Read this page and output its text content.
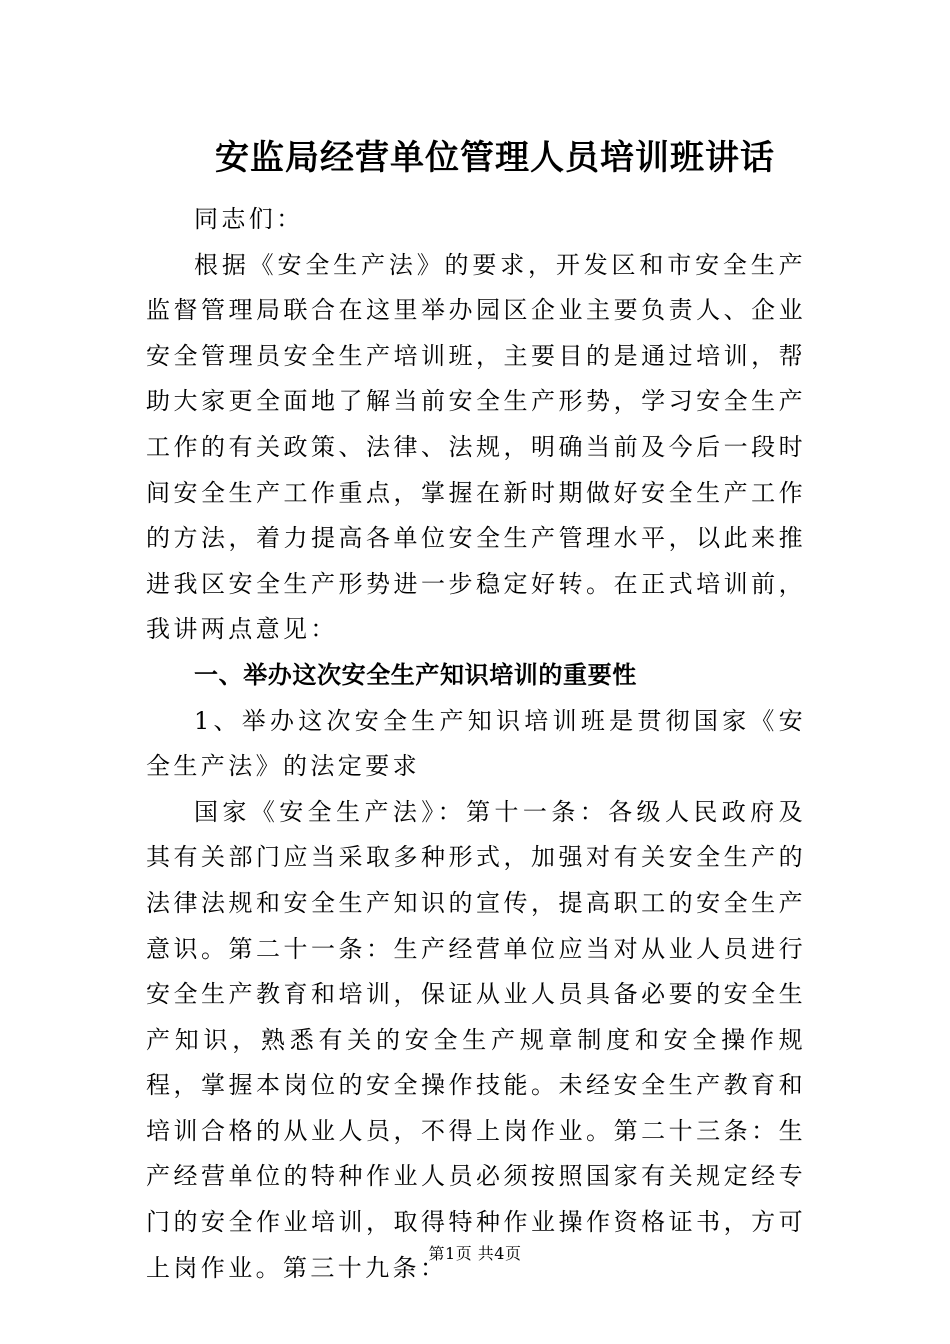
安监局经营单位管理人员培训班讲话

同志们：

根据《安全生产法》的要求，开发区和市安全生产监督管理局联合在这里举办园区企业主要负责人、企业安全管理员安全生产培训班，主要目的是通过培训，帮助大家更全面地了解当前安全生产形势，学习安全生产工作的有关政策、法律、法规，明确当前及今后一段时间安全生产工作重点，掌握在新时期做好安全生产工作的方法，着力提高各单位安全生产管理水平，以此来推进我区安全生产形势进一步稳定好转。在正式培训前，我讲两点意见：

一、举办这次安全生产知识培训的重要性

1、举办这次安全生产知识培训班是贯彻国家《安全生产法》的法定要求

国家《安全生产法》：第十一条：各级人民政府及其有关部门应当采取多种形式，加强对有关安全生产的法律法规和安全生产知识的宣传，提高职工的安全生产意识。第二十一条：生产经营单位应当对从业人员进行安全生产教育和培训，保证从业人员具备必要的安全生产知识，熟悉有关的安全生产规章制度和安全操作规程，掌握本岗位的安全操作技能。未经安全生产教育和培训合格的从业人员，不得上岗作业。第二十三条：生产经营单位的特种作业人员必须按照国家有关规定经专门的安全作业培训，取得特种作业操作资格证书，方可上岗作业。第三十九条：

第1页 共4页
